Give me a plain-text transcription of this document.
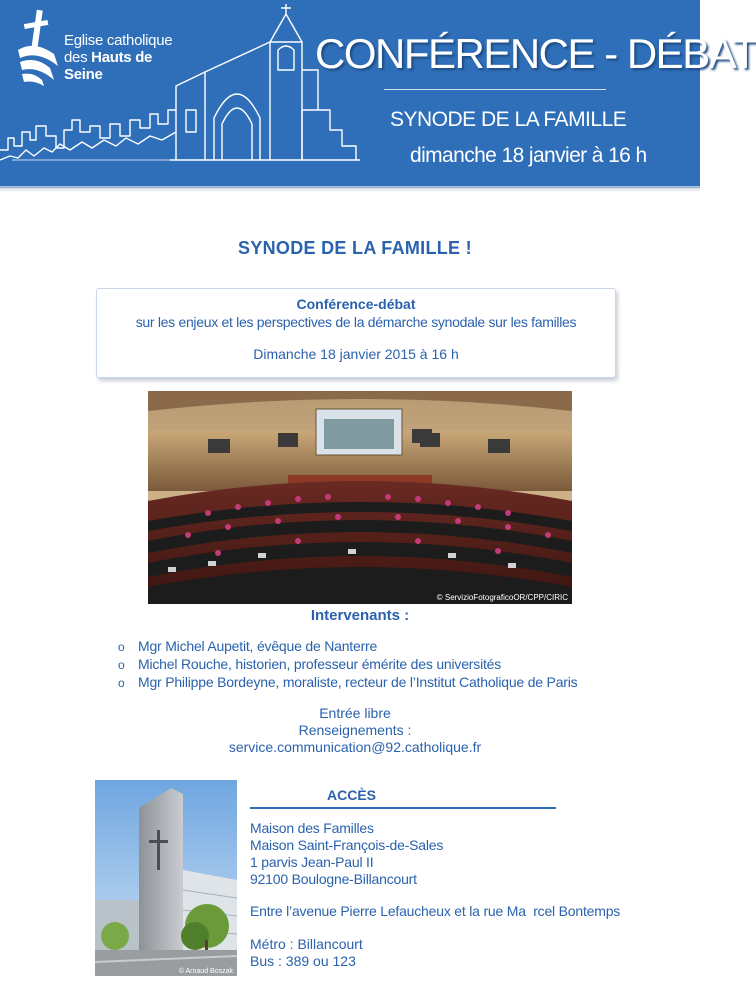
Eglise catholique
des Hauts de Seine	CONFÉRENCE - DÉBAT
SYNODE DE LA FAMILLE
dimanche 18 janvier à 16 h
SYNODE DE LA FAMILLE !
Conférence-débat
sur les enjeux et les perspectives de la démarche synodale sur les familles
Dimanche 18 janvier 2015 à 16 h
© ServizioFotograficoOR/CPP/CIRIC
Intervenants :
o Mgr Michel Aupetit, évêque de Nanterre
o Michel Rouche, historien, professeur émérite des universités
o Mgr Philippe Bordeyne, moraliste, recteur de l’Institut Catholique de Paris
Entrée libre
Renseignements :
service.communication@92.catholique.fr
© Arnaud Boszak
ACCÈS
Maison des Familles
Maison Saint-François-de-Sales
1 parvis Jean-Paul II
92100 Boulogne-Billancourt
Entre l’avenue Pierre Lefaucheux et la rue Ma  rcel Bontemps
Métro : Billancourt
Bus : 389 ou 123
